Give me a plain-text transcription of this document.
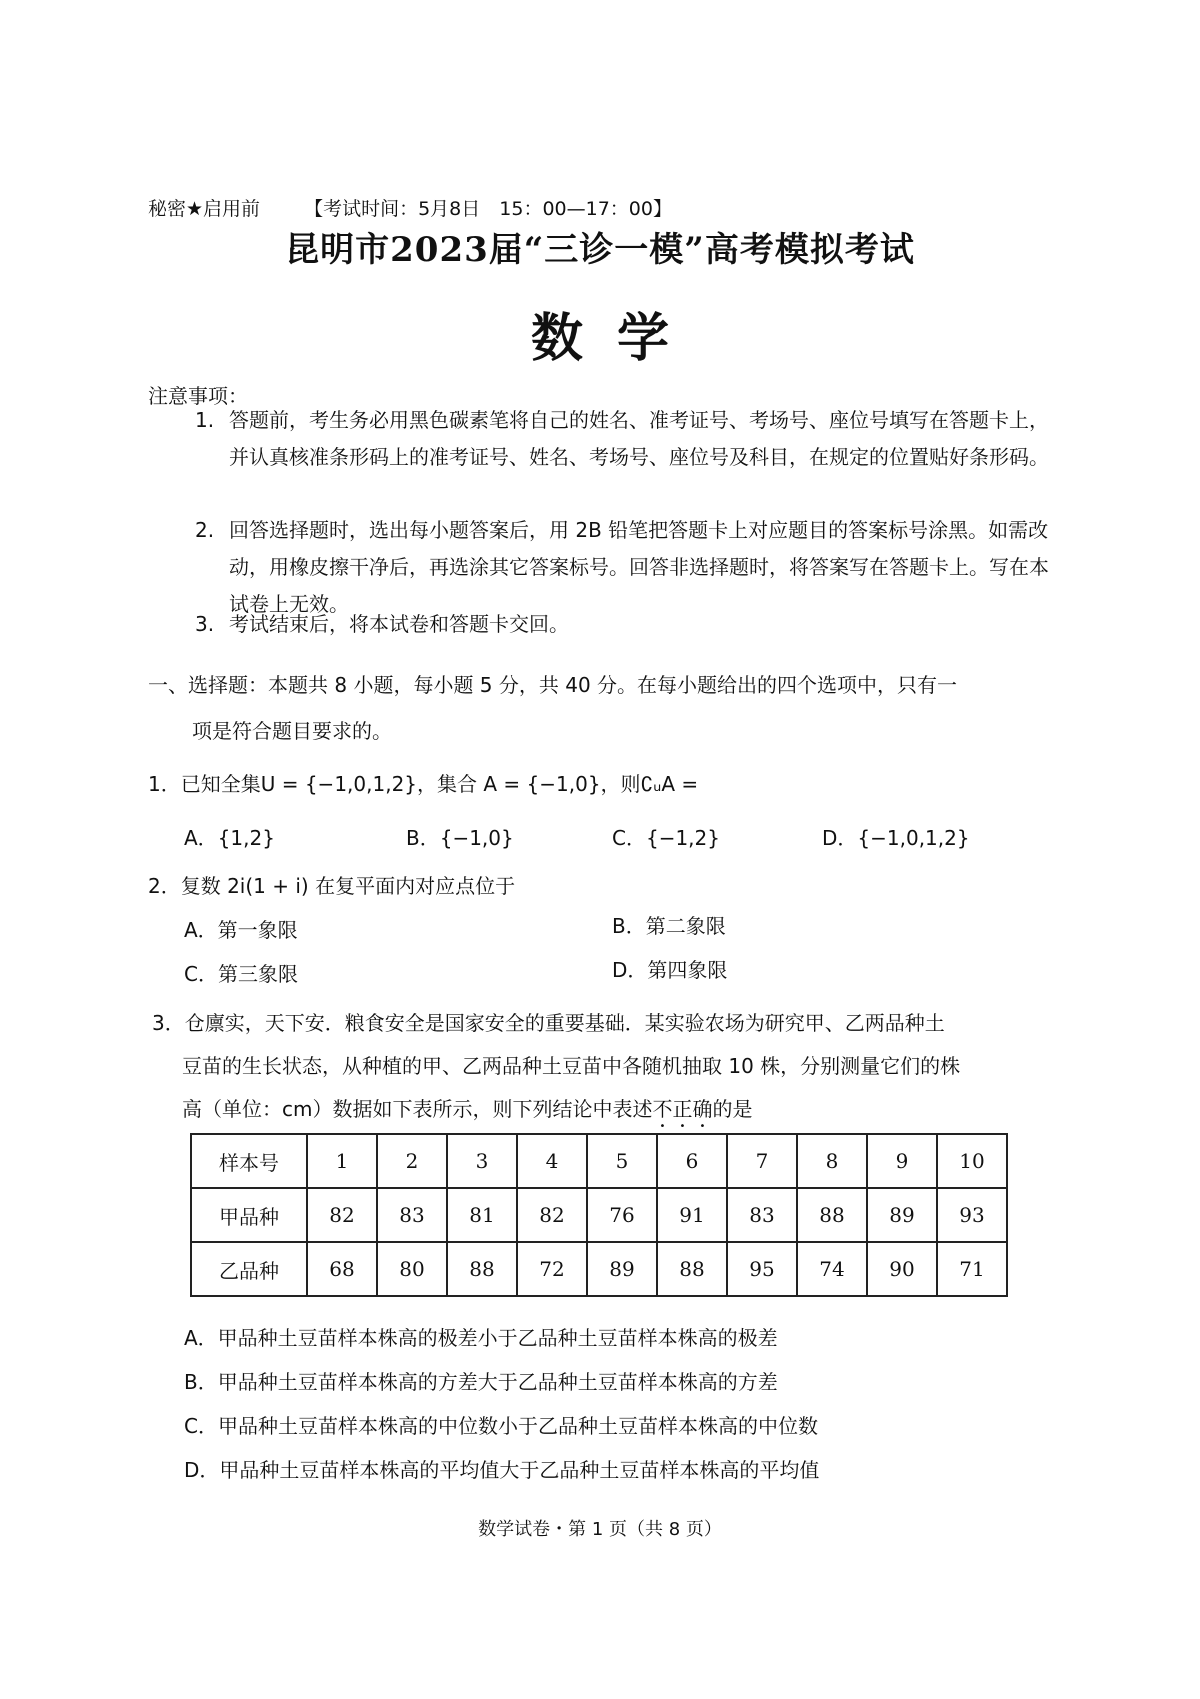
秘密★启用前 【考试时间：5月8日　15：00—17：00】
昆明市2023届“三诊一模”高考模拟考试
数学
注意事项：
1. 答题前，考生务必用黑色碳素笔将自己的姓名、准考证号、考场号、座位号填写在答题卡上，并认真核准条形码上的准考证号、姓名、考场号、座位号及科目，在规定的位置贴好条形码。
2. 回答选择题时，选出每小题答案后，用 2B 铅笔把答题卡上对应题目的答案标号涂黑。如需改动，用橡皮擦干净后，再选涂其它答案标号。回答非选择题时，将答案写在答题卡上。写在本试卷上无效。
3. 考试结束后，将本试卷和答题卡交回。
一、选择题：本题共 8 小题，每小题 5 分，共 40 分。在每小题给出的四个选项中，只有一
项是符合题目要求的。
1．已知全集U = {−1,0,1,2}，集合 A = {−1,0}，则∁ᵤA =
A．{1,2}	B．{−1,0}	C．{−1,2}	D．{−1,0,1,2}
2．复数 2i(1 + i) 在复平面内对应点位于
A．第一象限	B．第二象限
C．第三象限	D．第四象限
3．仓廪实，天下安．粮食安全是国家安全的重要基础．某实验农场为研究甲、乙两品种土
豆苗的生长状态，从种植的甲、乙两品种土豆苗中各随机抽取 10 株，分别测量它们的株
高（单位：cm）数据如下表所示，则下列结论中表述不正确的是
样本号	1	2	3	4	5	6	7	8	9	10
甲品种	82	83	81	82	76	91	83	88	89	93
乙品种	68	80	88	72	89	88	95	74	90	71
A．甲品种土豆苗样本株高的极差小于乙品种土豆苗样本株高的极差
B．甲品种土豆苗样本株高的方差大于乙品种土豆苗样本株高的方差
C．甲品种土豆苗样本株高的中位数小于乙品种土豆苗样本株高的中位数
D．甲品种土豆苗样本株高的平均值大于乙品种土豆苗样本株高的平均值
数学试卷・第 1 页（共 8 页）
